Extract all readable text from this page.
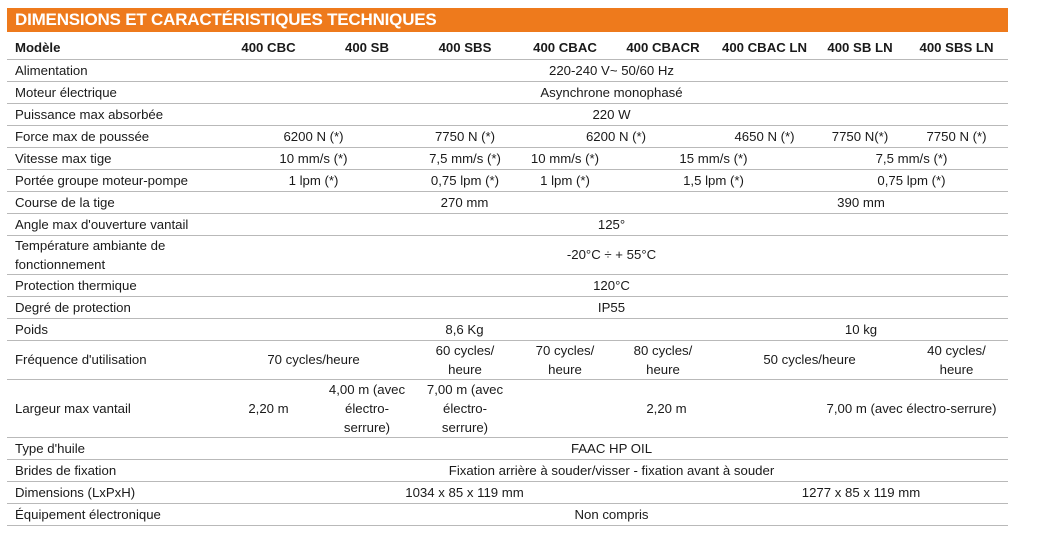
DIMENSIONS ET CARACTÉRISTIQUES TECHNIQUES
Modèle	400 CBC	400 SB	400 SBS	400 CBAC	400 CBACR	400 CBAC LN	400 SB LN	400 SBS LN
Alimentation	220-240 V~ 50/60 Hz							
Moteur électrique	Asynchrone monophasé							
Puissance max absorbée	220 W							
Force max de poussée	6200 N (*)		7750 N (*)	6200 N (*)		4650 N (*)	7750 N(*)	7750 N (*)
Vitesse max tige	10 mm/s (*)		7,5 mm/s (*)	10 mm/s (*)	15 mm/s (*)		7,5 mm/s (*)	
Portée groupe moteur-pompe	1 lpm (*)		0,75 lpm (*)	1 lpm (*)	1,5 lpm (*)		0,75 lpm (*)	
Course de la tige	270 mm					390 mm		
Angle max d'ouverture vantail	125°							

Température ambiante de
fonctionnement	-20°C ÷ + 55°C							
Protection thermique	120°C							
Degré de protection	IP55							
Poids	8,6 Kg					10 kg		
Fréquence d'utilisation	70 cycles/heure		60 cycles/
heure	70 cycles/
heure	80 cycles/
heure	50 cycles/heure		40 cycles/
heure

Largeur max vantail	2,20 m	4,00 m (avec
électro-
serrure)	7,00 m (avec
électro-
serrure)	2,20 m			7,00 m (avec électro-serrure)	
Type d'huile	FAAC HP OIL							
Brides de fixation	Fixation arrière à souder/visser - fixation avant à souder							
Dimensions (LxPxH)	1034 x 85 x 119 mm					1277 x 85 x 119 mm		
Équipement électronique	Non compris							
